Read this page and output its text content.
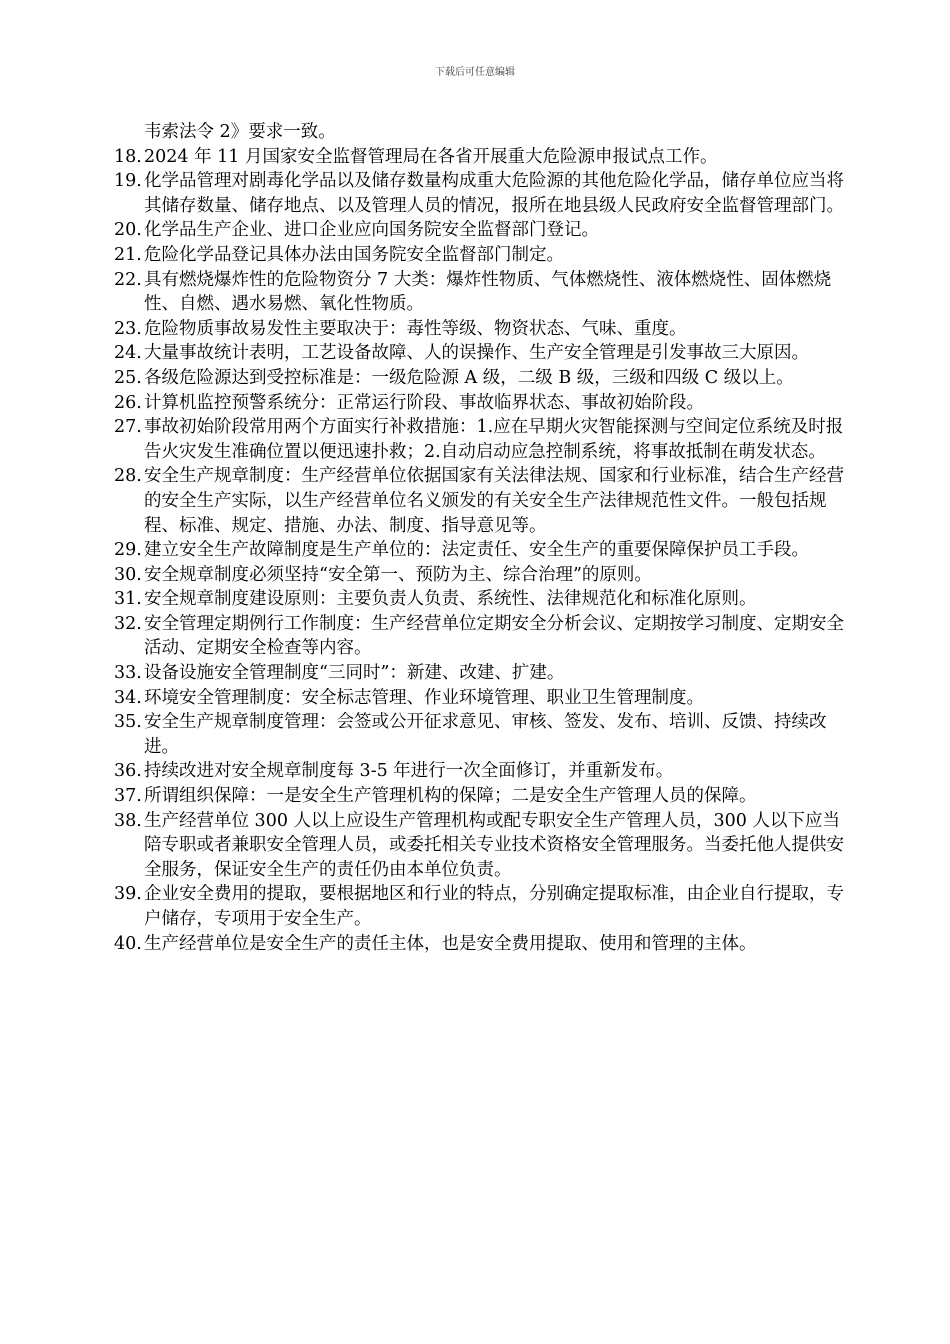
下载后可任意编辑
韦索法令 2》要求一致。
18. 2024 年 11 月国家安全监督管理局在各省开展重大危险源申报试点工作。
19. 化学品管理对剧毒化学品以及储存数量构成重大危险源的其他危险化学品，储存单位应当将其储存数量、储存地点、以及管理人员的情况，报所在地县级人民政府安全监督管理部门。
20. 化学品生产企业、进口企业应向国务院安全监督部门登记。
21. 危险化学品登记具体办法由国务院安全监督部门制定。
22. 具有燃烧爆炸性的危险物资分 7 大类：爆炸性物质、气体燃烧性、液体燃烧性、固体燃烧性、自燃、遇水易燃、氧化性物质。
23. 危险物质事故易发性主要取决于：毒性等级、物资状态、气味、重度。
24. 大量事故统计表明，工艺设备故障、人的误操作、生产安全管理是引发事故三大原因。
25. 各级危险源达到受控标准是：一级危险源 A 级，二级 B 级，三级和四级 C 级以上。
26. 计算机监控预警系统分：正常运行阶段、事故临界状态、事故初始阶段。
27. 事故初始阶段常用两个方面实行补救措施：1.应在早期火灾智能探测与空间定位系统及时报告火灾发生准确位置以便迅速扑救；2.自动启动应急控制系统，将事故抵制在萌发状态。
28. 安全生产规章制度：生产经营单位依据国家有关法律法规、国家和行业标准，结合生产经营的安全生产实际，以生产经营单位名义颁发的有关安全生产法律规范性文件。一般包括规程、标准、规定、措施、办法、制度、指导意见等。
29. 建立安全生产故障制度是生产单位的：法定责任、安全生产的重要保障保护员工手段。
30. 安全规章制度必须坚持“安全第一、预防为主、综合治理”的原则。
31. 安全规章制度建设原则：主要负责人负责、系统性、法律规范化和标准化原则。
32. 安全管理定期例行工作制度：生产经营单位定期安全分析会议、定期按学习制度、定期安全活动、定期安全检查等内容。
33. 设备设施安全管理制度“三同时”：新建、改建、扩建。
34. 环境安全管理制度：安全标志管理、作业环境管理、职业卫生管理制度。
35. 安全生产规章制度管理：会签或公开征求意见、审核、签发、发布、培训、反馈、持续改进。
36. 持续改进对安全规章制度每 3-5 年进行一次全面修订，并重新发布。
37. 所谓组织保障：一是安全生产管理机构的保障；二是安全生产管理人员的保障。
38. 生产经营单位 300 人以上应设生产管理机构或配专职安全生产管理人员，300 人以下应当陪专职或者兼职安全管理人员，或委托相关专业技术资格安全管理服务。当委托他人提供安全服务，保证安全生产的责任仍由本单位负责。
39. 企业安全费用的提取，要根据地区和行业的特点，分别确定提取标准，由企业自行提取，专户储存，专项用于安全生产。
40. 生产经营单位是安全生产的责任主体，也是安全费用提取、使用和管理的主体。
